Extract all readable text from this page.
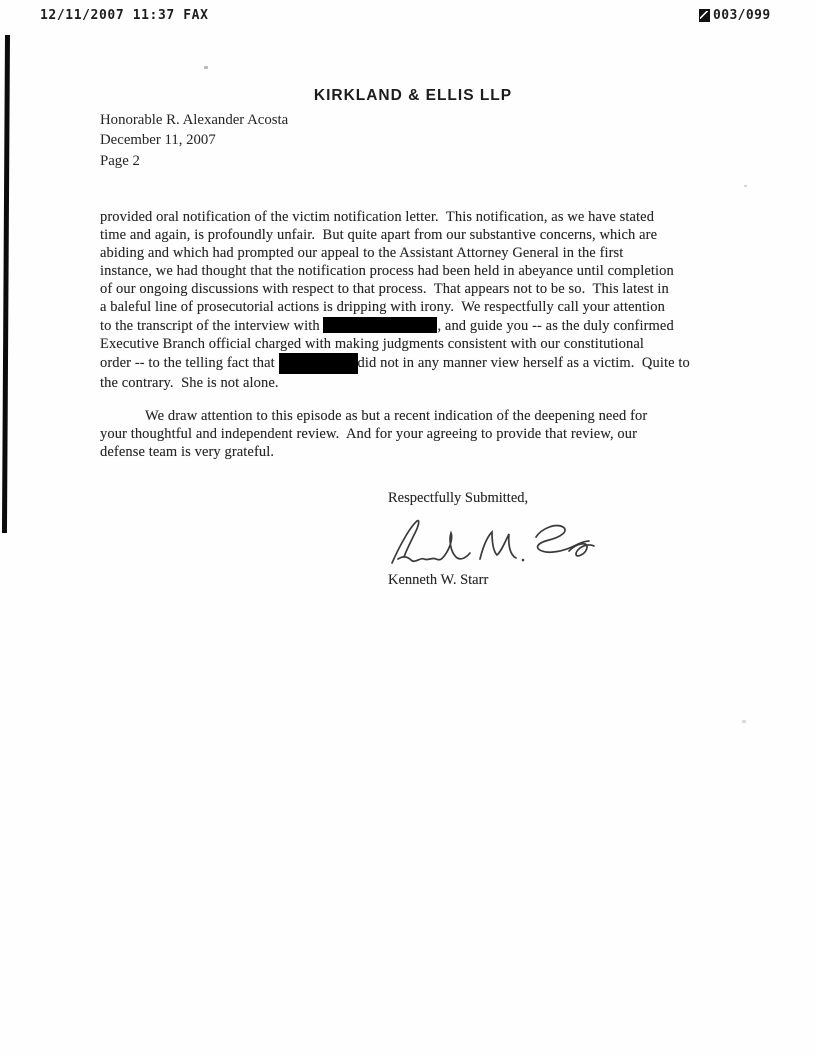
12/11/2007 11:37 FAX	003/099
KIRKLAND & ELLIS LLP
Honorable R. Alexander Acosta
December 11, 2007
Page 2
provided oral notification of the victim notification letter.  This notification, as we have stated
time and again, is profoundly unfair.  But quite apart from our substantive concerns, which are
abiding and which had prompted our appeal to the Assistant Attorney General in the first
instance, we had thought that the notification process had been held in abeyance until completion
of our ongoing discussions with respect to that process.  That appears not to be so.  This latest in
a baleful line of prosecutorial actions is dripping with irony.  We respectfully call your attention
to the transcript of the interview with	, and guide you -- as the duly confirmed
Executive Branch official charged with making judgments consistent with our constitutional
order -- to the telling fact that	did not in any manner view herself as a victim.  Quite to
the contrary.  She is not alone.
We draw attention to this episode as but a recent indication of the deepening need for
your thoughtful and independent review.  And for your agreeing to provide that review, our
defense team is very grateful.
Respectfully Submitted,
Kenneth W. Starr
